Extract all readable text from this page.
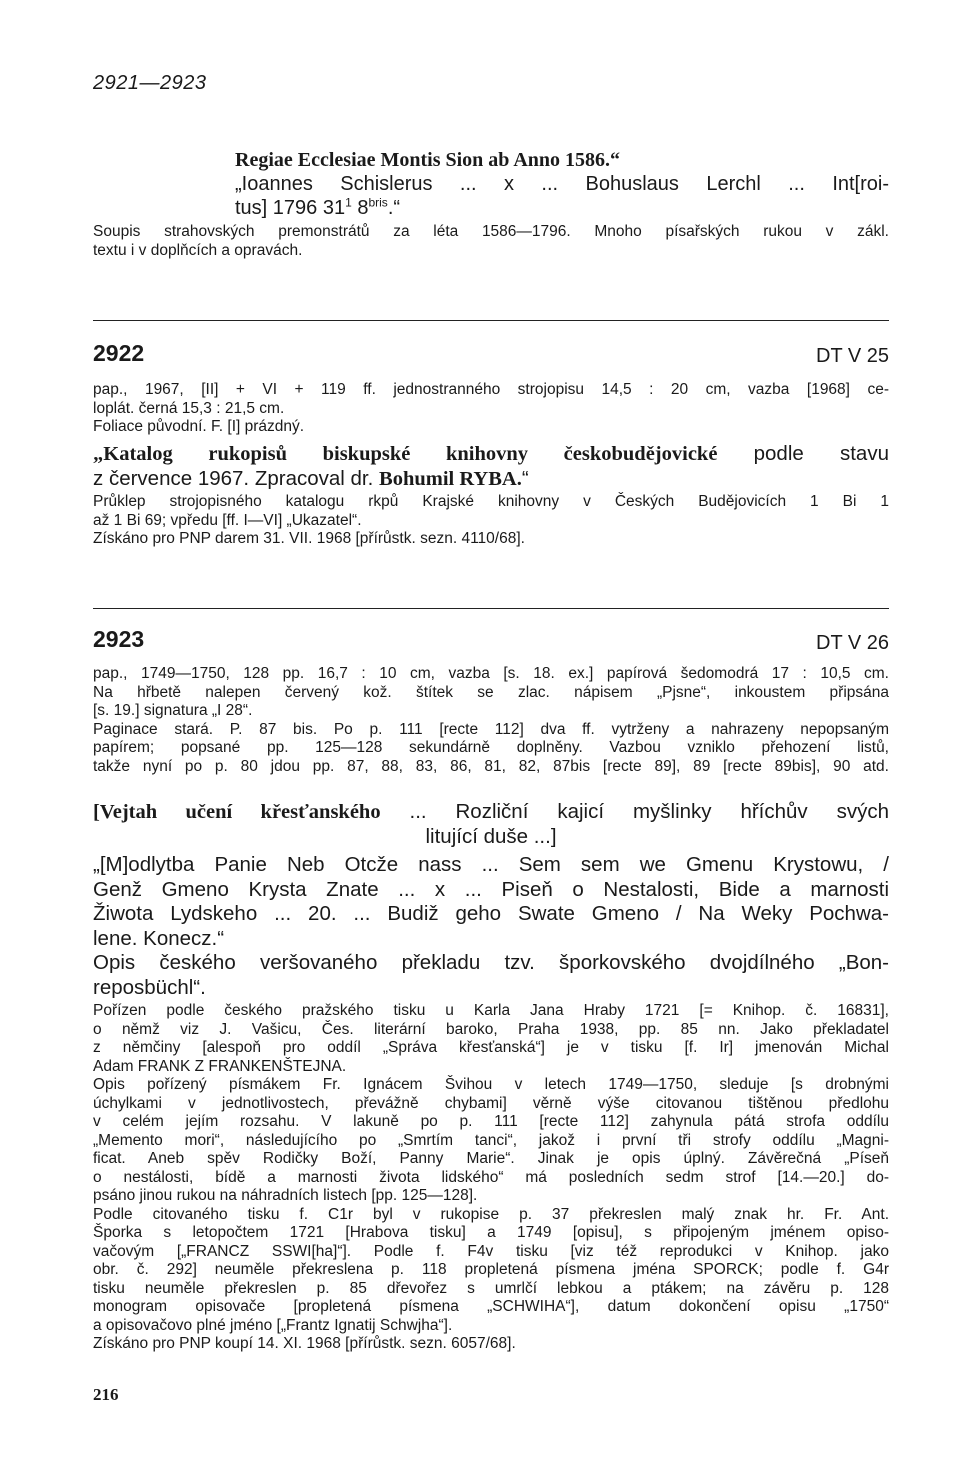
2921—2923
Regiae Ecclesiae Montis Sion ab Anno 1586.“
„Ioannes Schislerus ... x ... Bohuslaus Lerchl ... Int[roi-
tus] 1796 $31^1$ $8^{bris}.“$
Soupis strahovských premonstrátů za léta 1586—1796. Mnoho písařských rukou v zákl.
textu i v doplňcích a opravách.
2922	DT V 25
pap., 1967, [II] + VI + 119 ff. jednostranného strojopisu 14,5 : 20 cm, vazba [1968] ce-
loplát. černá 15,3 : 21,5 cm.
Foliace původní. F. [I] prázdný.
„Katalog rukopisů biskupské knihovny českobudějovické podle stavu
z července 1967. Zpracoval dr. Bohumil RYBA.“
Průklep strojopisného katalogu rkpů Krajské knihovny v Českých Budějovicích 1 Bi 1
až 1 Bi 69; vpředu [ff. I—VI] „Ukazatel“.
Získáno pro PNP darem 31. VII. 1968 [přírůstk. sezn. 4110/68].
2923	DT V 26
pap., 1749—1750, 128 pp. 16,7 : 10 cm, vazba [s. 18. ex.] papírová šedomodrá 17 : 10,5 cm.
Na hřbetě nalepen červený kož. štítek se zlac. nápisem „Pjsne“, inkoustem připsána
[s. 19.] signatura „I 28“.
Paginace stará. P. 87 bis. Po p. 111 [recte 112] dva ff. vytrženy a nahrazeny nepopsaným
papírem; popsané pp. 125—128 sekundárně doplněny. Vazbou vzniklo přehození listů,
takže nyní po p. 80 jdou pp. 87, 88, 83, 86, 81, 82, 87bis [recte 89], 89 [recte 89bis], 90 atd.
[Vejtah učení křesťanského ... Rozliční kajicí myšlinky hříchův svých
litující duše ...]
„[M]odlytba Panie Neb Otcže nass ... Sem sem we Gmenu Krystowu, /
Genž Gmeno Krysta Znate ... x ... Piseň o Nestalosti, Bide a marnosti
Žiwota Lydskeho ... 20. ... Budiž geho Swate Gmeno / Na Weky Pochwa-
lene. Konecz.“
Opis českého veršovaného překladu tzv. šporkovského dvojdílného „Bon-
reposbüchl“.
Pořízen podle českého pražského tisku u Karla Jana Hraby 1721 [= Knihop. č. 16831],
o němž viz J. Vašicu, Čes. literární baroko, Praha 1938, pp. 85 nn. Jako překladatel
z němčiny [alespoň pro oddíl „Správa křesťanská“] je v tisku [f. Ir] jmenován Michal
Adam FRANK Z FRANKENŠTEJNA.
Opis pořízený písmákem Fr. Ignácem Švihou v letech 1749—1750, sleduje [s drobnými
úchylkami v jednotlivostech, převážně chybami] věrně výše citovanou tištěnou předlohu
v celém jejím rozsahu. V lakuně po p. 111 [recte 112] zahynula pátá strofa oddílu
„Memento mori“, následujícího po „Smrtím tanci“, jakož i první tři strofy oddílu „Magni-
ficat. Aneb spěv Rodičky Boží, Panny Marie“. Jinak je opis úplný. Závěrečná „Píseň
o nestálosti, bídě a marnosti života lidského“ má posledních sedm strof [14.—20.] do-
psáno jinou rukou na náhradních listech [pp. 125—128].
Podle citovaného tisku f. C1r byl v rukopise p. 37 překreslen malý znak hr. Fr. Ant.
Šporka s letopočtem 1721 [Hrabova tisku] a 1749 [opisu], s připojeným jménem opiso-
vačovým [„FRANCZ SSWI[ha]“]. Podle f. F4v tisku [viz též reprodukci v Knihop. jako
obr. č. 292] neuměle překreslena p. 118 propletená písmena jména SPORCK; podle f. G4r
tisku neuměle překreslen p. 85 dřevořez s umrlčí lebkou a ptákem; na závěru p. 128
monogram opisovače [propletená písmena „SCHWIHA“], datum dokončení opisu „1750“
a opisovačovo plné jméno [„Frantz Ignatij Schwjha“].
Získáno pro PNP koupí 14. XI. 1968 [přírůstk. sezn. 6057/68].
216
